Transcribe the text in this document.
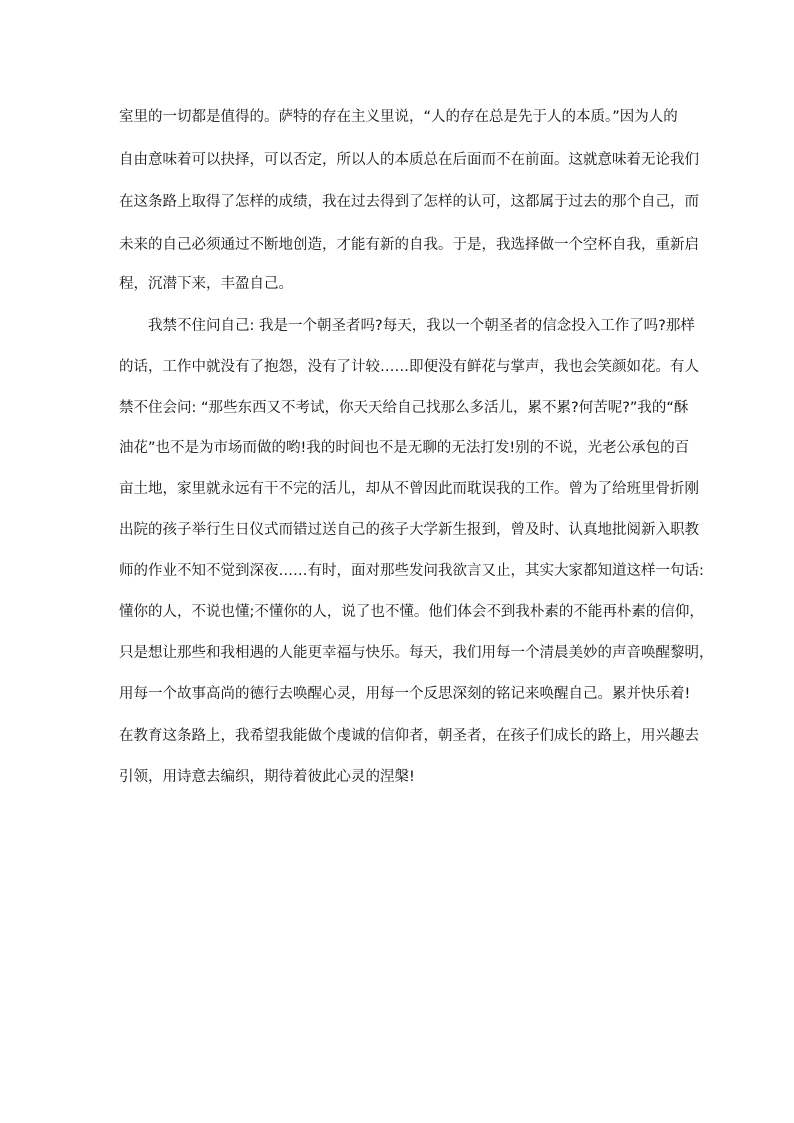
室里的一切都是值得的。萨特的存在主义里说，“人的存在总是先于人的本质。”因为人的
自由意味着可以抉择，可以否定，所以人的本质总在后面而不在前面。这就意味着无论我们
在这条路上取得了怎样的成绩，我在过去得到了怎样的认可，这都属于过去的那个自己，而
未来的自己必须通过不断地创造，才能有新的自我。于是，我选择做一个空杯自我，重新启
程，沉潜下来，丰盈自己。
我禁不住问自己: 我是一个朝圣者吗?每天，我以一个朝圣者的信念投入工作了吗?那样
的话，工作中就没有了抱怨，没有了计较……即便没有鲜花与掌声，我也会笑颜如花。有人
禁不住会问: “那些东西又不考试，你天天给自己找那么多活儿，累不累?何苦呢?”我的“酥
油花”也不是为市场而做的哟!我的时间也不是无聊的无法打发!别的不说，光老公承包的百
亩土地，家里就永远有干不完的活儿，却从不曾因此而耽误我的工作。曾为了给班里骨折刚
出院的孩子举行生日仪式而错过送自己的孩子大学新生报到，曾及时、认真地批阅新入职教
师的作业不知不觉到深夜……有时，面对那些发问我欲言又止，其实大家都知道这样一句话:
懂你的人，不说也懂;不懂你的人，说了也不懂。他们体会不到我朴素的不能再朴素的信仰，
只是想让那些和我相遇的人能更幸福与快乐。每天，我们用每一个清晨美妙的声音唤醒黎明，
用每一个故事高尚的德行去唤醒心灵，用每一个反思深刻的铭记来唤醒自己。累并快乐着!
在教育这条路上，我希望我能做个虔诚的信仰者，朝圣者，在孩子们成长的路上，用兴趣去
引领，用诗意去编织，期待着彼此心灵的涅槃!
